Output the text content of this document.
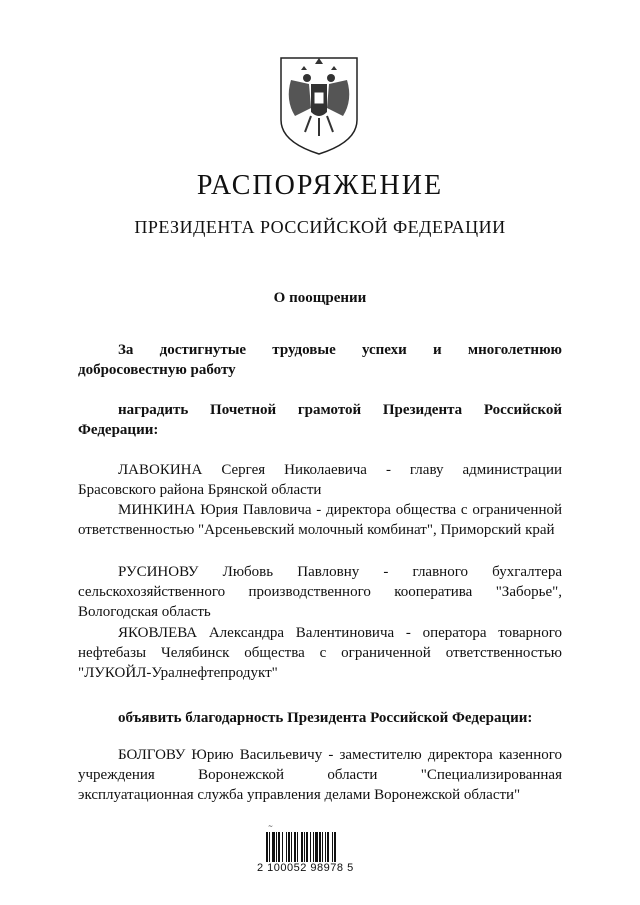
РАСПОРЯЖЕНИЕ
ПРЕЗИДЕНТА РОССИЙСКОЙ ФЕДЕРАЦИИ
О поощрении
За достигнутые трудовые успехи и многолетнюю добросовестную работу
наградить Почетной грамотой Президента Российской Федерации:
ЛАВОКИНА Сергея Николаевича - главу администрации Брасовского района Брянской области
МИНКИНА Юрия Павловича - директора общества с ограниченной ответственностью "Арсеньевский молочный комбинат", Приморский край
РУСИНОВУ Любовь Павловну - главного бухгалтера сельскохозяйственного производственного кооператива "Заборье", Вологодская область
ЯКОВЛЕВА Александра Валентиновича - оператора товарного нефтебазы Челябинск общества с ограниченной ответственностью "ЛУКОЙЛ-Уралнефтепродукт"
объявить благодарность Президента Российской Федерации:
БОЛГОВУ Юрию Васильевичу - заместителю директора казенного учреждения Воронежской области "Специализированная эксплуатационная служба управления делами Воронежской области"
~
2 100052 98978 5
